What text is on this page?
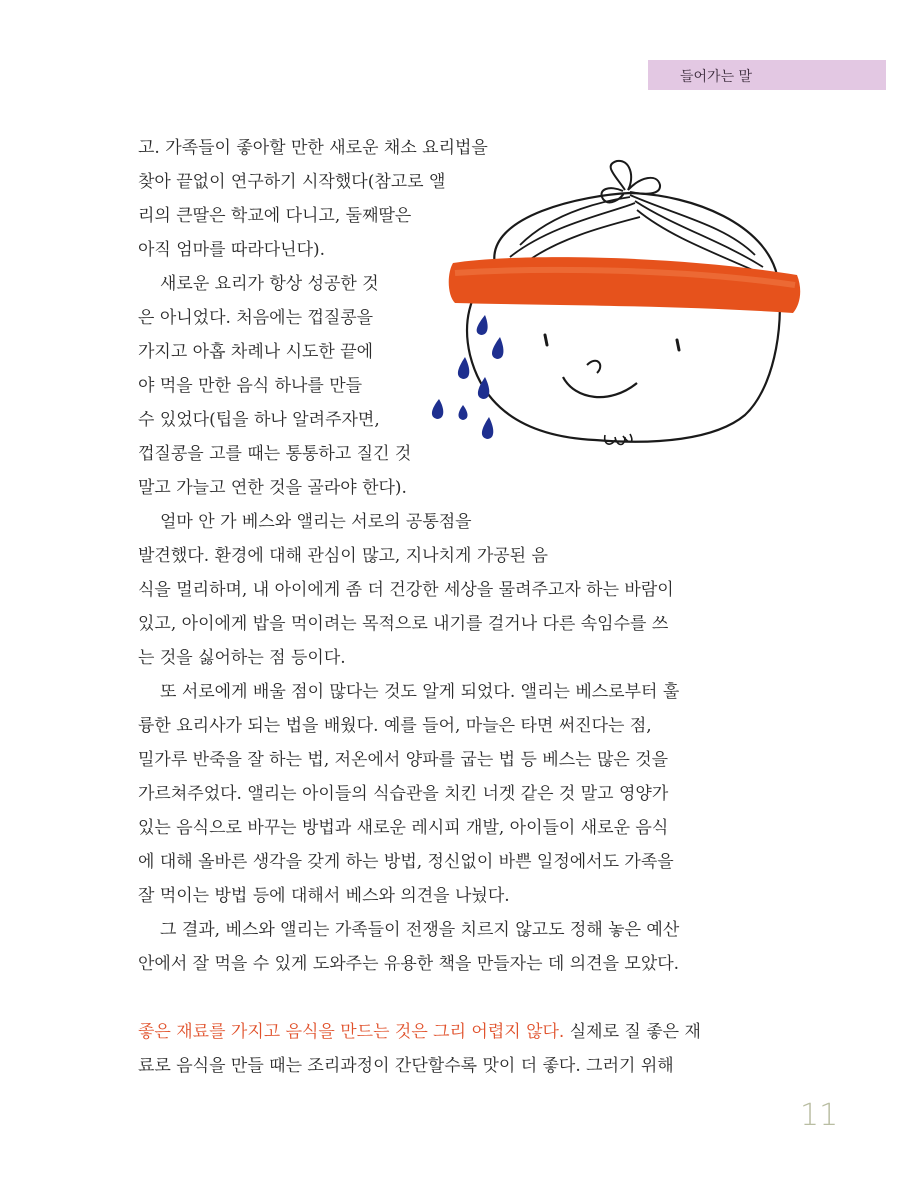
들어가는 말
고. 가족들이 좋아할 만한 새로운 채소 요리법을
찾아 끝없이 연구하기 시작했다(참고로 앨
리의 큰딸은 학교에 다니고, 둘째딸은
아직 엄마를 따라다닌다).
새로운 요리가 항상 성공한 것
은 아니었다. 처음에는 껍질콩을
가지고 아홉 차례나 시도한 끝에
야 먹을 만한 음식 하나를 만들
수 있었다(팁을 하나 알려주자면,
껍질콩을 고를 때는 통통하고 질긴 것
말고 가늘고 연한 것을 골라야 한다).
얼마 안 가 베스와 앨리는 서로의 공통점을
발견했다. 환경에 대해 관심이 많고, 지나치게 가공된 음
식을 멀리하며, 내 아이에게 좀 더 건강한 세상을 물려주고자 하는 바람이
있고, 아이에게 밥을 먹이려는 목적으로 내기를 걸거나 다른 속임수를 쓰
는 것을 싫어하는 점 등이다.
또 서로에게 배울 점이 많다는 것도 알게 되었다. 앨리는 베스로부터 훌
륭한 요리사가 되는 법을 배웠다. 예를 들어, 마늘은 타면 써진다는 점,
밀가루 반죽을 잘 하는 법, 저온에서 양파를 굽는 법 등 베스는 많은 것을
가르쳐주었다. 앨리는 아이들의 식습관을 치킨 너겟 같은 것 말고 영양가
있는 음식으로 바꾸는 방법과 새로운 레시피 개발, 아이들이 새로운 음식
에 대해 올바른 생각을 갖게 하는 방법, 정신없이 바쁜 일정에서도 가족을
잘 먹이는 방법 등에 대해서 베스와 의견을 나눴다.
그 결과, 베스와 앨리는 가족들이 전쟁을 치르지 않고도 정해 놓은 예산
안에서 잘 먹을 수 있게 도와주는 유용한 책을 만들자는 데 의견을 모았다.
좋은 재료를 가지고 음식을 만드는 것은 그리 어렵지 않다. 실제로 질 좋은 재
료로 음식을 만들 때는 조리과정이 간단할수록 맛이 더 좋다. 그러기 위해
11
